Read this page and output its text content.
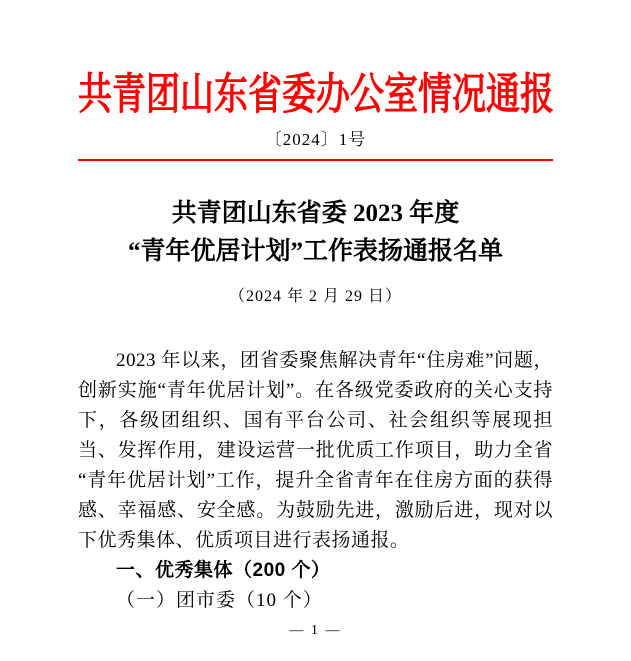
共青团山东省委办公室情况通报
〔2024〕1号
共青团山东省委 2023 年度
“青年优居计划”工作表扬通报名单
（2024 年 2 月 29 日）

2023 年以来，团省委聚焦解决青年“住房难”问题，创新实施“青年优居计划”。在各级党委政府的关心支持下，各级团组织、国有平台公司、社会组织等展现担当、发挥作用，建设运营一批优质工作项目，助力全省“青年优居计划”工作，提升全省青年在住房方面的获得感、幸福感、安全感。为鼓励先进，激励后进，现对以下优秀集体、优质项目进行表扬通报。

一、优秀集体（200 个）

（一）团市委（10 个）

— 1 —
